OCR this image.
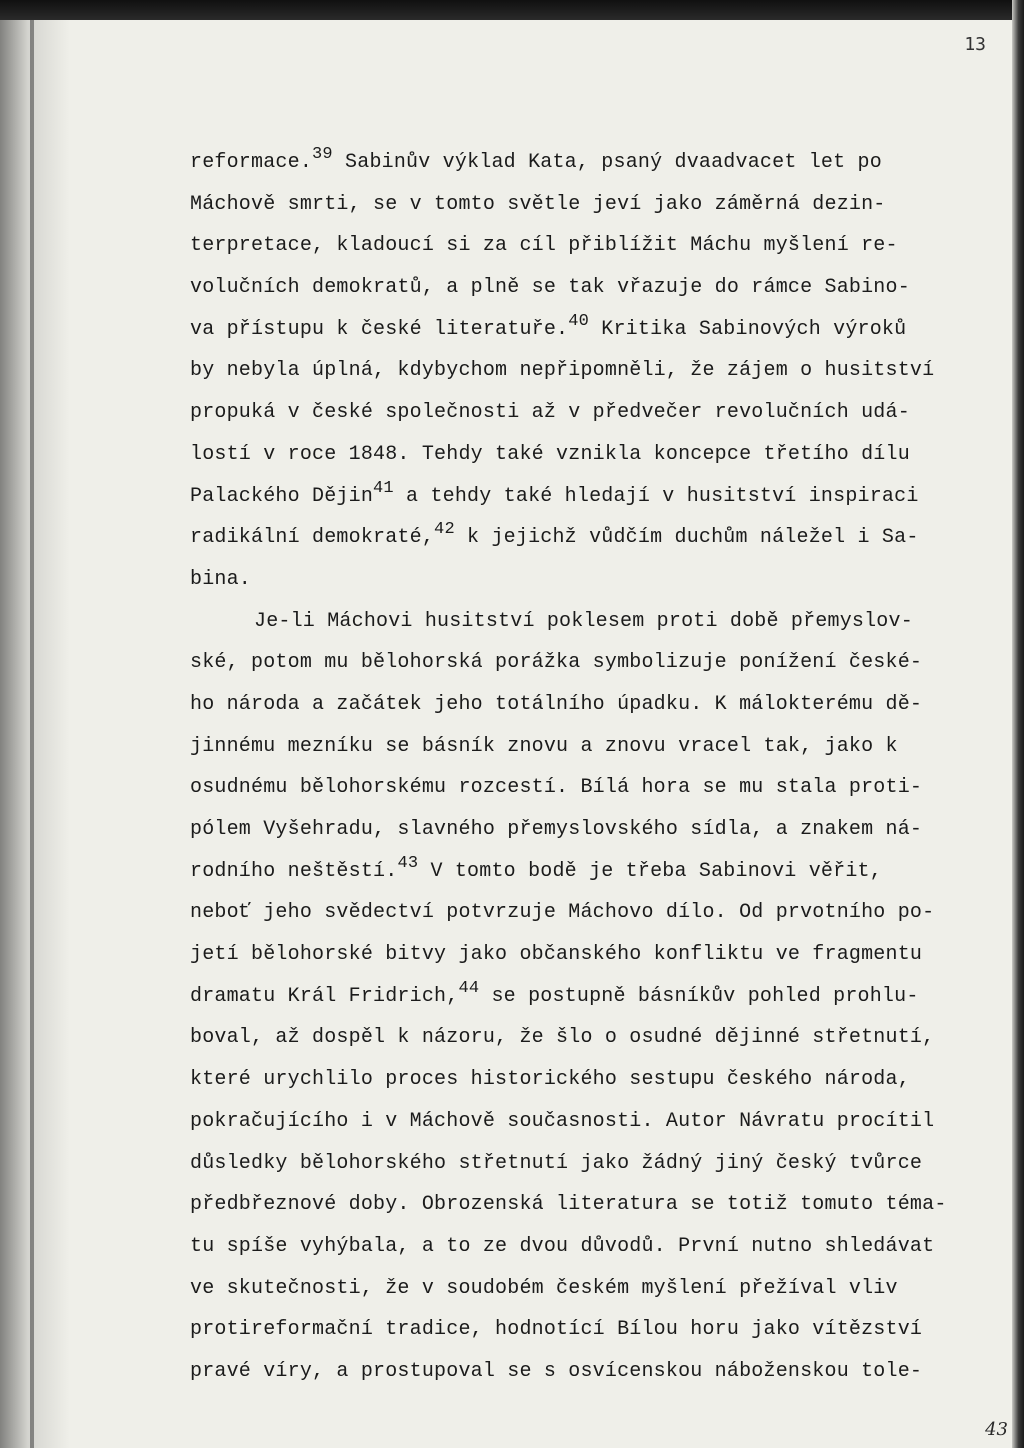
13
reformace.$^{39}$ Sabinův výklad Kata, psaný dvaadvacet let po
Máchově smrti, se v tomto světle jeví jako záměrná dezin-
terpretace, kladoucí si za cíl přiblížit Máchu myšlení re-
volučních demokratů, a plně se tak vřazuje do rámce Sabino-
va přístupu k české literatuře.$^{40}$ Kritika Sabinových výroků
by nebyla úplná, kdybychom nepřipomněli, že zájem o husitství
propuká v české společnosti až v předvečer revolučních udá-
lostí v roce 1848. Tehdy také vznikla koncepce třetího dílu
Palackého Dějin$^{41}$ a tehdy také hledají v husitství inspiraci
radikální demokraté,$^{42}$ k jejichž vůdčím duchům náležel i Sa-
bina.
Je-li Máchovi husitství poklesem proti době přemyslov-
ské, potom mu bělohorská porážka symbolizuje ponížení české-
ho národa a začátek jeho totálního úpadku. K málokterému dě-
jinnému mezníku se básník znovu a znovu vracel tak, jako k
osudnému bělohorskému rozcestí. Bílá hora se mu stala proti-
pólem Vyšehradu, slavného přemyslovského sídla, a znakem ná-
rodního neštěstí.$^{43}$ V tomto bodě je třeba Sabinovi věřit,
neboť jeho svědectví potvrzuje Máchovo dílo. Od prvotního po-
jetí bělohorské bitvy jako občanského konfliktu ve fragmentu
dramatu Král Fridrich,$^{44}$ se postupně básníkův pohled prohlu-
boval, až dospěl k názoru, že šlo o osudné dějinné střetnutí,
které urychlilo proces historického sestupu českého národa,
pokračujícího i v Máchově současnosti. Autor Návratu procítil
důsledky bělohorského střetnutí jako žádný jiný český tvůrce
předbřeznové doby. Obrozenská literatura se totiž tomuto téma-
tu spíše vyhýbala, a to ze dvou důvodů. První nutno shledávat
ve skutečnosti, že v soudobém českém myšlení přežíval vliv
protireformační tradice, hodnotící Bílou horu jako vítězství
pravé víry, a prostupoval se s osvícenskou náboženskou tole-
43
